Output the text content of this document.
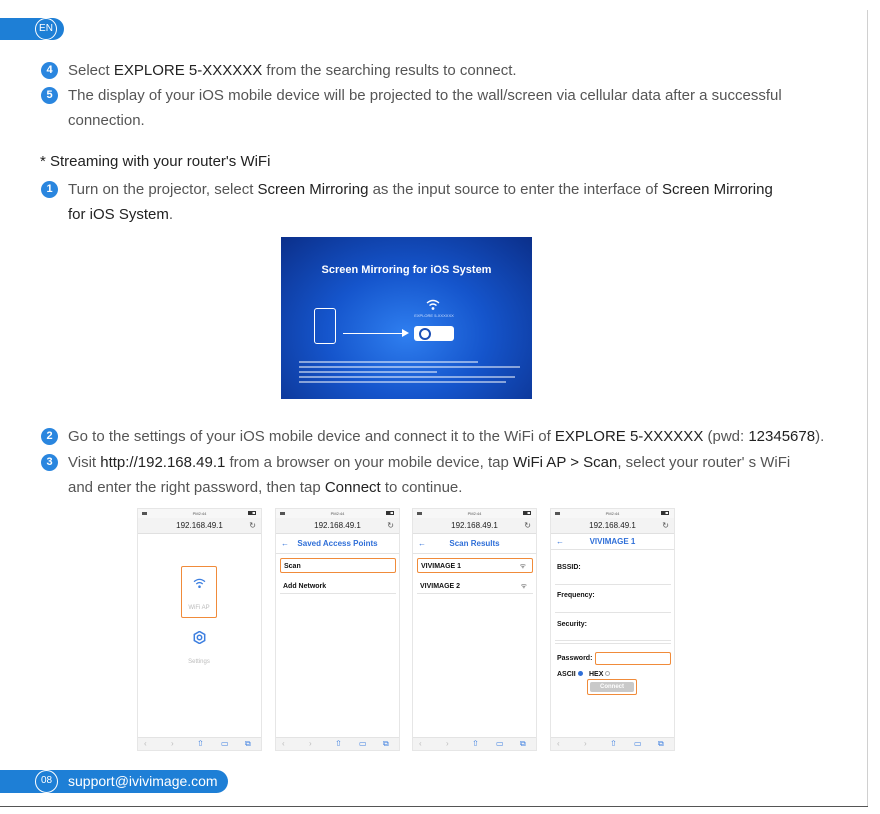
EN
4	Select EXPLORE 5-XXXXXX from the searching results to connect.
5	The display of your iOS mobile device will be projected to the wall/screen via cellular data after a successful
connection.
* Streaming with your router's WiFi
1	Turn on the projector, select Screen Mirroring as the input source to enter the interface of Screen Mirroring
for iOS System.
Screen Mirroring for iOS System
EXPLORE 5-XXXXXX
2	Go to the settings of your iOS mobile device and connect it to the WiFi of EXPLORE 5-XXXXXX (pwd: 12345678).
3	Visit http://192.168.49.1 from a browser on your mobile device, tap WiFi AP > Scan, select your router' s WiFi
and enter the right password, then tap Connect to continue.
PM2:44
192.168.49.1	↻
WiFi AP
Settings
‹	›	⇧ ▭ ⧉
PM2:44
192.168.49.1	↻
←	Saved Access Points
Scan
Add Network
‹	›	⇧ ▭ ⧉
PM2:44
192.168.49.1	↻
←	Scan Results
VIVIMAGE 1	ᯤ
VIVIMAGE 2	ᯤ
‹	›	⇧ ▭ ⧉
PM2:44
192.168.49.1	↻
←	VIVIMAGE 1
BSSID:
Frequency:
Security:
Password:
ASCII	HEX
Connect
‹	›	⇧ ▭ ⧉
08	support@ivivimage.com
